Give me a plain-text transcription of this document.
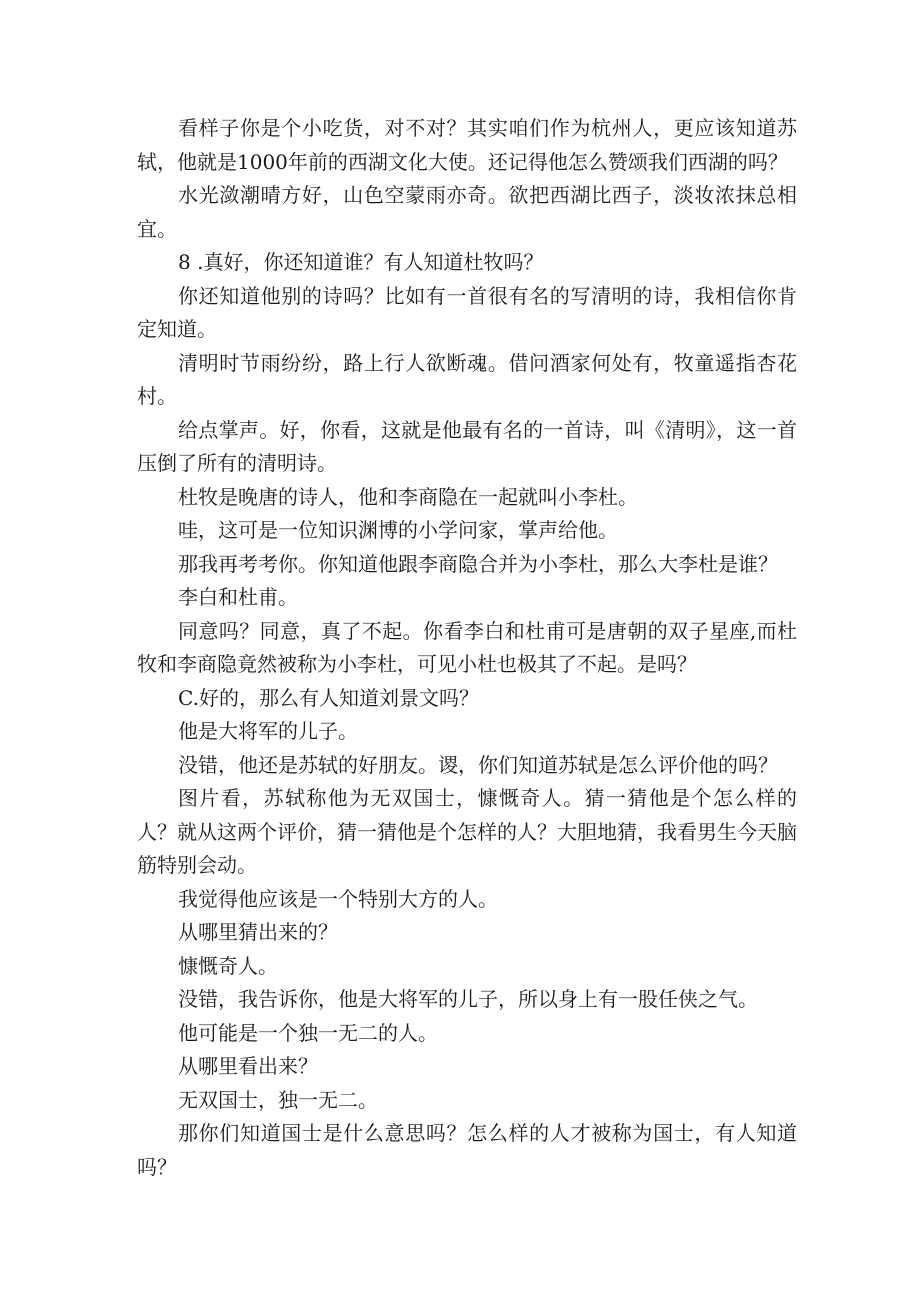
看样子你是个小吃货，对不对？其实咱们作为杭州人，更应该知道苏轼，他就是1000年前的西湖文化大使。还记得他怎么赞颂我们西湖的吗？

水光潋潮晴方好，山色空蒙雨亦奇。欲把西湖比西子，淡妆浓抹总相宜。

8 .真好，你还知道谁？有人知道杜牧吗？

你还知道他别的诗吗？比如有一首很有名的写清明的诗，我相信你肯定知道。

清明时节雨纷纷，路上行人欲断魂。借问酒家何处有，牧童遥指杏花村。

给点掌声。好，你看，这就是他最有名的一首诗，叫《清明》，这一首压倒了所有的清明诗。

杜牧是晚唐的诗人，他和李商隐在一起就叫小李杜。

哇，这可是一位知识渊博的小学问家，掌声给他。

那我再考考你。你知道他跟李商隐合并为小李杜，那么大李杜是谁？

李白和杜甫。

同意吗？同意，真了不起。你看李白和杜甫可是唐朝的双子星座,而杜牧和李商隐竟然被称为小李杜，可见小杜也极其了不起。是吗？

C.好的，那么有人知道刘景文吗？

他是大将军的儿子。

没错，他还是苏轼的好朋友。谡，你们知道苏轼是怎么评价他的吗？

图片看，苏轼称他为无双国士，慷慨奇人。猜一猜他是个怎么样的人？就从这两个评价，猜一猜他是个怎样的人？大胆地猜，我看男生今天脑筋特别会动。

我觉得他应该是一个特别大方的人。

从哪里猜出来的？

慷慨奇人。

没错，我告诉你，他是大将军的儿子，所以身上有一股任侠之气。

他可能是一个独一无二的人。

从哪里看出来？

无双国士，独一无二。

那你们知道国士是什么意思吗？怎么样的人才被称为国士，有人知道吗？
